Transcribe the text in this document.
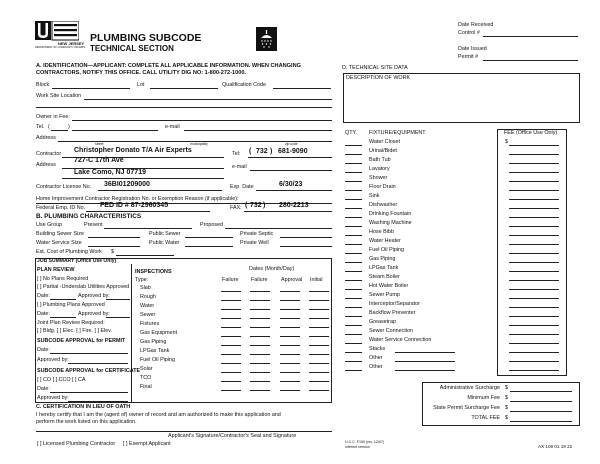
NEW JERSEY
DEPARTMENT OF COMMUNITY AFFAIRS
PLUMBING SUBCODE
TECHNICAL SECTION
Date Received
Control #
Date Issued
Permit #
A. IDENTIFICATION—APPLICANT: COMPLETE ALL APPLICABLE INFORMATION. WHEN CHANGING
CONTRACTORS, NOTIFY THIS OFFICE. CALL UTILITY DIG NO: 1-800-272-1000.
Block	Lot	Qualification Code
Work Site Location
Owner in Fee:
Tel. (	)	e-mail
Address
street	municipality	zip code
Contractor Christopher Donato T/A Air Experts	Tel: ( 732 ) 681-9090
Address
727-C 17th Ave
e-mail
Lake Como, NJ 07719
Contractor License No. 36BI01209000	Exp. Date	6/30/23
Home Improvement Contractor Registration No. or Exemption Reason (if applicable):
Federal Emp. ID No. FED ID # 87-2960345	FAX: ( 732 ) 280-2213
B. PLUMBING CHARACTERISTICS
Use Group	Present	Proposed
Building Sewer Size	Public Sewer	Private Septic
Water Service Size	Public Water	Private Well
Est. Cost of Plumbing Work $
JOB SUMMARY (Office Use Only)
PLAN REVIEW
[ ] No Plans Required
[ ] Partial -Underslab Utilities Approved
Date:	Approved by:
[ ] Plumbing Plans Approved
Date:	Approved by:
Joint Plan Review Required:
[ ] Bldg. [ ] Elec. [ ] Fire. [ ] Elev.
SUBCODE APPROVAL for PERMIT
Date:
Approved by:
SUBCODE APPROVAL for CERTIFICATE
[ ] CO [ ] CCO [ ] CA
Date:
Approved by:
INSPECTIONS
Type:
Dates (Month/Day)
Failure Failure	Approval Initial
Slab
Rough
Water
Sewer
Fixtures
Gas Equipment
Gas Piping
LPGas Tank
Fuel Oil Piping
Solar
TCO
Final
C. CERTIFICATION IN LIEU OF OATH
I hereby certify that I am the (agent of) owner of record and am authorized to make this application and
perform the work listed on this application.
Applicant's Signature/Contractor's Seal and Signature
[ ] Licensed Plumbing Contractor [ ] Exempt Applicant
D. TECHNICAL SITE DATA
DESCRIPTION OF WORK
QTY. FIXTURE/EQUIPMENT	FEE (Office Use Only)
$
Water Closet
Urinal/Bidet
Bath Tub
Lavatory
Shower
Floor Drain
Sink
Dishwasher
Drinking Fountain
Washing Machine
Hose Bibb
Water Heater
Fuel Oil Piping
Gas Piping
LPGas Tank
Steam Boiler
Hot Water Boiler
Sewer Pump
Interceptor/Separator
Backflow Preventer
Greasetrap
Sewer Connection
Water Service Connection
Stacks
Other
Other
Administrative Surcharge $
Minimum Fee $
State Permit Surcharge Fee $
TOTAL FEE $
U.C.C. F150 (rev. 12/07)
Internet version	AX 109 01 19 22
